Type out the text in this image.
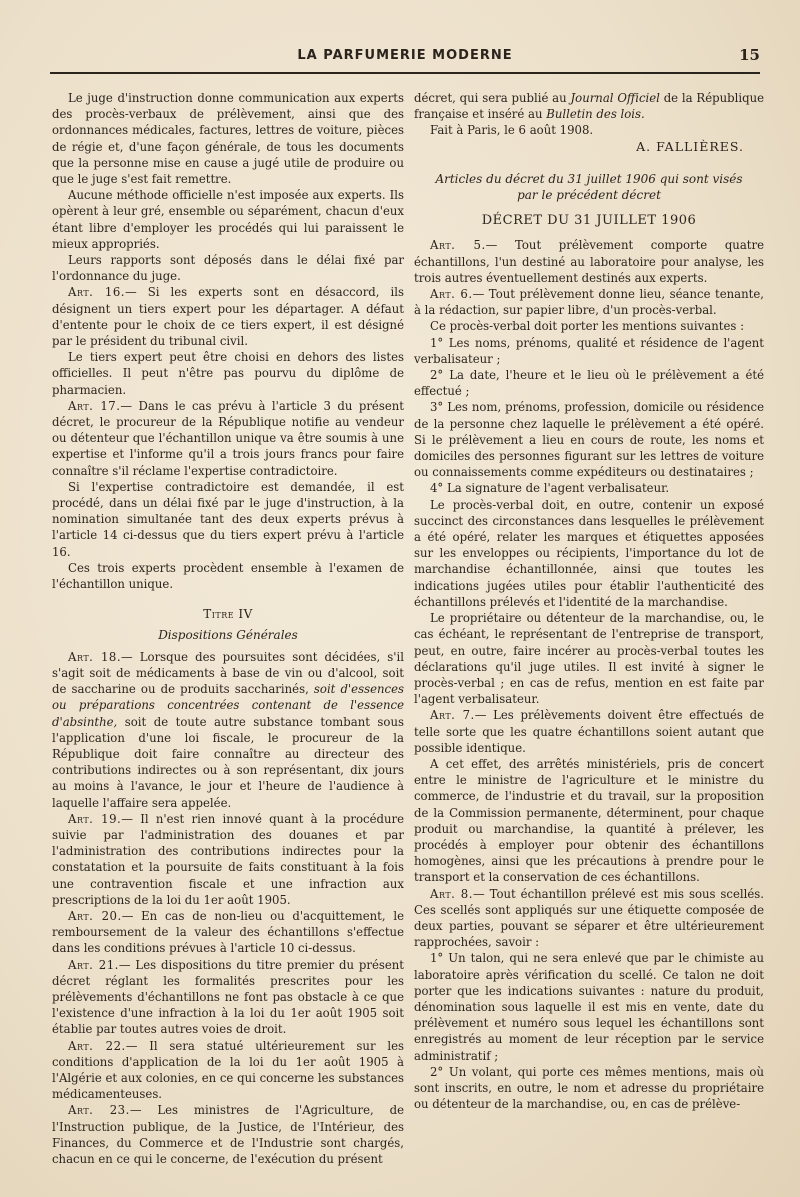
LA PARFUMERIE MODERNE	15

Le juge d'instruction donne communication aux experts des procès-verbaux de prélèvement, ainsi que des ordonnances médicales, factures, lettres de voiture, pièces de régie et, d'une façon générale, de tous les documents que la personne mise en cause a jugé utile de produire ou que le juge s'est fait remettre.

Aucune méthode officielle n'est imposée aux experts. Ils opèrent à leur gré, ensemble ou séparément, chacun d'eux étant libre d'employer les procédés qui lui paraissent le mieux appropriés.

Leurs rapports sont déposés dans le délai fixé par l'ordonnance du juge.

Art. 16.— Si les experts sont en désaccord, ils désignent un tiers expert pour les départager. A défaut d'entente pour le choix de ce tiers expert, il est désigné par le président du tribunal civil.

Le tiers expert peut être choisi en dehors des listes officielles. Il peut n'être pas pourvu du diplôme de pharmacien.

Art. 17.— Dans le cas prévu à l'article 3 du présent décret, le procureur de la République notifie au vendeur ou détenteur que l'échantillon unique va être soumis à une expertise et l'informe qu'il a trois jours francs pour faire connaître s'il réclame l'expertise contradictoire.

Si l'expertise contradictoire est demandée, il est procédé, dans un délai fixé par le juge d'instruction, à la nomination simultanée tant des deux experts prévus à l'article 14 ci-dessus que du tiers expert prévu à l'article 16.

Ces trois experts procèdent ensemble à l'examen de l'échantillon unique.

Titre IV

Dispositions Générales

Art. 18.— Lorsque des poursuites sont décidées, s'il s'agit soit de médicaments à base de vin ou d'alcool, soit de saccharine ou de produits saccharinés, soit d'essences ou préparations concentrées contenant de l'essence d'absinthe, soit de toute autre substance tombant sous l'application d'une loi fiscale, le procureur de la République doit faire connaître au directeur des contributions indirectes ou à son représentant, dix jours au moins à l'avance, le jour et l'heure de l'audience à laquelle l'affaire sera appelée.

Art. 19.— Il n'est rien innové quant à la procédure suivie par l'administration des douanes et par l'administration des contributions indirectes pour la constatation et la poursuite de faits constituant à la fois une contravention fiscale et une infraction aux prescriptions de la loi du 1er août 1905.

Art. 20.— En cas de non-lieu ou d'acquittement, le remboursement de la valeur des échantillons s'effectue dans les conditions prévues à l'article 10 ci-dessus.

Art. 21.— Les dispositions du titre premier du présent décret réglant les formalités prescrites pour les prélèvements d'échantillons ne font pas obstacle à ce que l'existence d'une infraction à la loi du 1er août 1905 soit établie par toutes autres voies de droit.

Art. 22.— Il sera statué ultérieurement sur les conditions d'application de la loi du 1er août 1905 à l'Algérie et aux colonies, en ce qui concerne les substances médicamenteuses.

Art. 23.— Les ministres de l'Agriculture, de l'Instruction publique, de la Justice, de l'Intérieur, des Finances, du Commerce et de l'Industrie sont chargés, chacun en ce qui le concerne, de l'exécution du présent

décret, qui sera publié au Journal Officiel de la République française et inséré au Bulletin des lois.

Fait à Paris, le 6 août 1908.

A. FALLIÈRES.

Articles du décret du 31 juillet 1906 qui sont visés par le précédent décret

DÉCRET DU 31 JUILLET 1906

Art. 5.— Tout prélèvement comporte quatre échantillons, l'un destiné au laboratoire pour analyse, les trois autres éventuellement destinés aux experts.

Art. 6.— Tout prélèvement donne lieu, séance tenante, à la rédaction, sur papier libre, d'un procès-verbal.

Ce procès-verbal doit porter les mentions suivantes :

1° Les noms, prénoms, qualité et résidence de l'agent verbalisateur ;

2° La date, l'heure et le lieu où le prélèvement a été effectué ;

3° Les nom, prénoms, profession, domicile ou résidence de la personne chez laquelle le prélèvement a été opéré. Si le prélèvement a lieu en cours de route, les noms et domiciles des personnes figurant sur les lettres de voiture ou connaissements comme expéditeurs ou destinataires ;

4° La signature de l'agent verbalisateur.

Le procès-verbal doit, en outre, contenir un exposé succinct des circonstances dans lesquelles le prélèvement a été opéré, relater les marques et étiquettes apposées sur les enveloppes ou récipients, l'importance du lot de marchandise échantillonnée, ainsi que toutes les indications jugées utiles pour établir l'authenticité des échantillons prélevés et l'identité de la marchandise.

Le propriétaire ou détenteur de la marchandise, ou, le cas échéant, le représentant de l'entreprise de transport, peut, en outre, faire incérer au procès-verbal toutes les déclarations qu'il juge utiles. Il est invité à signer le procès-verbal ; en cas de refus, mention en est faite par l'agent verbalisateur.

Art. 7.— Les prélèvements doivent être effectués de telle sorte que les quatre échantillons soient autant que possible identique.

A cet effet, des arrêtés ministériels, pris de concert entre le ministre de l'agriculture et le ministre du commerce, de l'industrie et du travail, sur la proposition de la Commission permanente, déterminent, pour chaque produit ou marchandise, la quantité à prélever, les procédés à employer pour obtenir des échantillons homogènes, ainsi que les précautions à prendre pour le transport et la conservation de ces échantillons.

Art. 8.— Tout échantillon prélevé est mis sous scellés. Ces scellés sont appliqués sur une étiquette composée de deux parties, pouvant se séparer et être ultérieurement rapprochées, savoir :

1° Un talon, qui ne sera enlevé que par le chimiste au laboratoire après vérification du scellé. Ce talon ne doit porter que les indications suivantes : nature du produit, dénomination sous laquelle il est mis en vente, date du prélèvement et numéro sous lequel les échantillons sont enregistrés au moment de leur réception par le service administratif ;

2° Un volant, qui porte ces mêmes mentions, mais où sont inscrits, en outre, le nom et adresse du propriétaire ou détenteur de la marchandise, ou, en cas de prélève-
